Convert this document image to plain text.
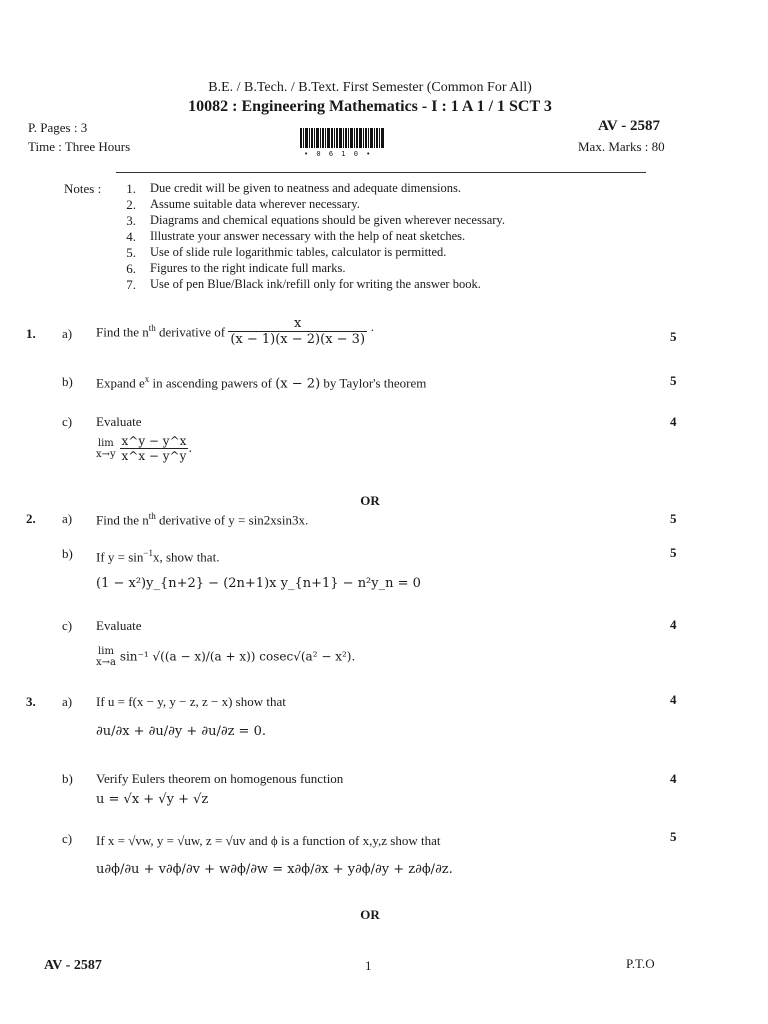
B.E. / B.Tech. / B.Text. First Semester (Common For All)
10082 : Engineering Mathematics - I : 1 A 1 / 1 SCT 3
P. Pages : 3
Time : Three Hours
AV - 2587
Max. Marks : 80
• 0 6 1 0 •
Notes :	1. Due credit will be given to neatness and adequate dimensions.
2. Assume suitable data wherever necessary.
3. Diagrams and chemical equations should be given wherever necessary.
4. Illustrate your answer necessary with the help of neat sketches.
5. Use of slide rule logarithmic tables, calculator is permitted.
6. Figures to the right indicate full marks.
7. Use of pen Blue/Black ink/refill only for writing the answer book.
1. a) Find the $n^{th}$ derivative of $\frac{x}{(x - 1)(x - 2)(x - 3)}$ ·	5
b) Expand $e^x$ in ascending pawers of (x − 2) by Taylor's theorem	5
c) Evaluate
lim
x→y
$\frac{x\^{}y - y\^{}x}{x\^{}x - y\^{}y}$ .
4
OR
2. a) Find the $n^{th}$ derivative of y = sin2xsin3x.	5
b) If $y = \sin^{-1}x$, show that.
(1 − x²)y_{n+2} − (2n+1)x y_{n+1} − n²y_n = 0
5
c) Evaluate
lim
x→a sin⁻¹ √((a − x)/(a + x)) cosec√(a² − x²).
4
3. a) If u = f(x − y, y − z, z − x) show that
∂u/∂x + ∂u/∂y + ∂u/∂z = 0.
4
b) Verify Eulers theorem on homogenous function
u = √x + √y + √z
4
c) If x = √vw, y = √uw, z = √uv and ϕ is a function of x,y,z show that
u∂ϕ/∂u + v∂ϕ/∂v + w∂ϕ/∂w = x∂ϕ/∂x + y∂ϕ/∂y + z∂ϕ/∂z.
5
OR
AV - 2587	1	P.T.O
